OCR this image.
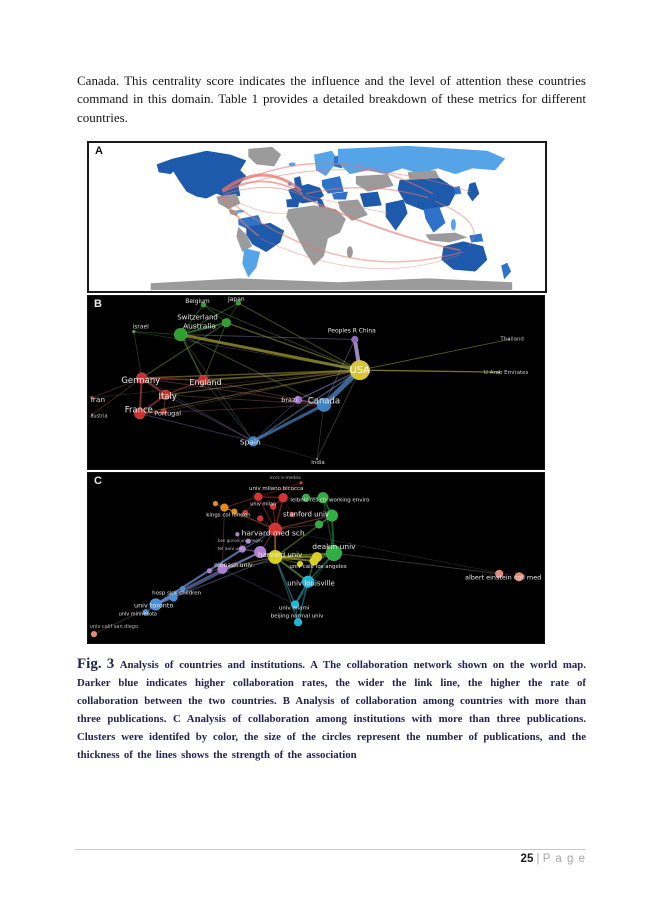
Canada. This centrality score indicates the influence and the level of attention these countries command in this domain. Table 1 provides a detailed breakdown of these metrics for different countries.

A
B	Belgium	Japan
Switzerland
Australia
israel
Peoples R China
Thailand
U Arab Emirates
USA
Germany	England
Italy
iran
France Portugal
austria
brazil Canada
Spain
India
C	irccs e medea
univ milano bicocca
univ milan
leibniz res ctr working enviro
kings col london	stanford univ
harvard med sch
ben gurion univ negev
tel aviv univ
harvard univ
deakin univ
univ calif los angeles
monash univ
univ louisville
albert einstein coll med
hosp sick children
univ toronto
univ minnesota
univ miami
beijing normal univ
univ calif san diego
Fig. 3 Analysis of countries and institutions. A The collaboration network shown on the world map. Darker blue indicates higher collaboration rates, the wider the link line, the higher the rate of collaboration between the two countries. B Analysis of collaboration among countries with more than three publications. C Analysis of collaboration among institutions with more than three publications. Clusters were identifed by color, the size of the circles represent the number of publications, and the thickness of the lines shows the strength of the association
25 | P a g e
